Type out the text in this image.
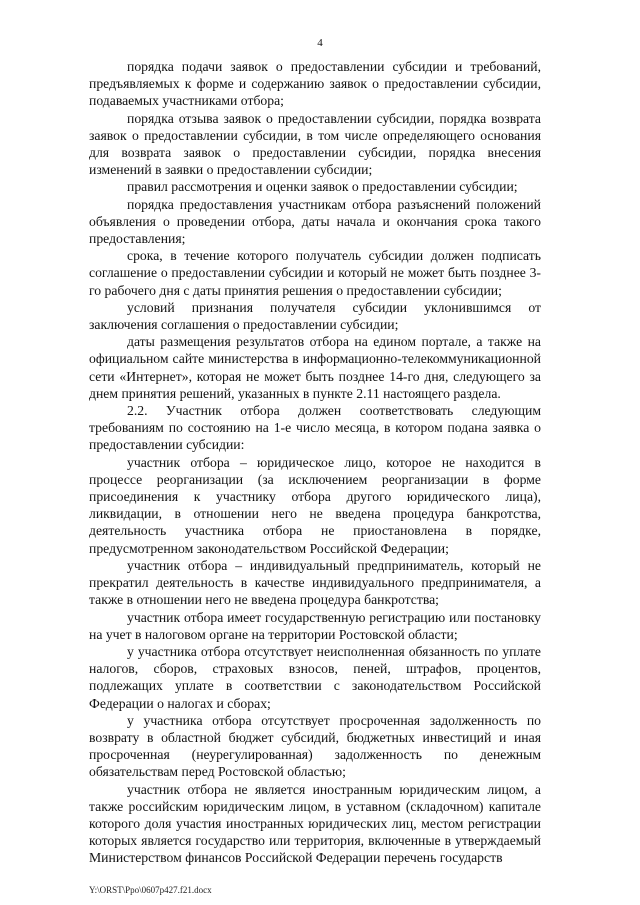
4

порядка подачи заявок о предоставлении субсидии и требований, предъявляемых к форме и содержанию заявок о предоставлении субсидии, подаваемых участниками отбора;

порядка отзыва заявок о предоставлении субсидии, порядка возврата заявок о предоставлении субсидии, в том числе определяющего основания для возврата заявок о предоставлении субсидии, порядка внесения изменений в заявки о предоставлении субсидии;

правил рассмотрения и оценки заявок о предоставлении субсидии;

порядка предоставления участникам отбора разъяснений положений объявления о проведении отбора, даты начала и окончания срока такого предоставления;

срока, в течение которого получатель субсидии должен подписать соглашение о предоставлении субсидии и который не может быть позднее 3-го рабочего дня с даты принятия решения о предоставлении субсидии;

условий признания получателя субсидии уклонившимся от заключения соглашения о предоставлении субсидии;

даты размещения результатов отбора на едином портале, а также на официальном сайте министерства в информационно-телекоммуникационной сети «Интернет», которая не может быть позднее 14-го дня, следующего за днем принятия решений, указанных в пункте 2.11 настоящего раздела.

2.2. Участник отбора должен соответствовать следующим требованиям по состоянию на 1-е число месяца, в котором подана заявка о предоставлении субсидии:

участник отбора – юридическое лицо, которое не находится в процессе реорганизации (за исключением реорганизации в форме присоединения к участнику отбора другого юридического лица), ликвидации, в отношении него не введена процедура банкротства, деятельность участника отбора не приостановлена в порядке, предусмотренном законодательством Российской Федерации;

участник отбора – индивидуальный предприниматель, который не прекратил деятельность в качестве индивидуального предпринимателя, а также в отношении него не введена процедура банкротства;

участник отбора имеет государственную регистрацию или постановку на учет в налоговом органе на территории Ростовской области;

у участника отбора отсутствует неисполненная обязанность по уплате налогов, сборов, страховых взносов, пеней, штрафов, процентов, подлежащих уплате в соответствии с законодательством Российской Федерации о налогах и сборах;

у участника отбора отсутствует просроченная задолженность по возврату в областной бюджет субсидий, бюджетных инвестиций и иная просроченная (неурегулированная) задолженность по денежным обязательствам перед Ростовской областью;

участник отбора не является иностранным юридическим лицом, а также российским юридическим лицом, в уставном (складочном) капитале которого доля участия иностранных юридических лиц, местом регистрации которых является государство или территория, включенные в утверждаемый Министерством финансов Российской Федерации перечень государств

Y:\ORST\Ppo\0607p427.f21.docx
